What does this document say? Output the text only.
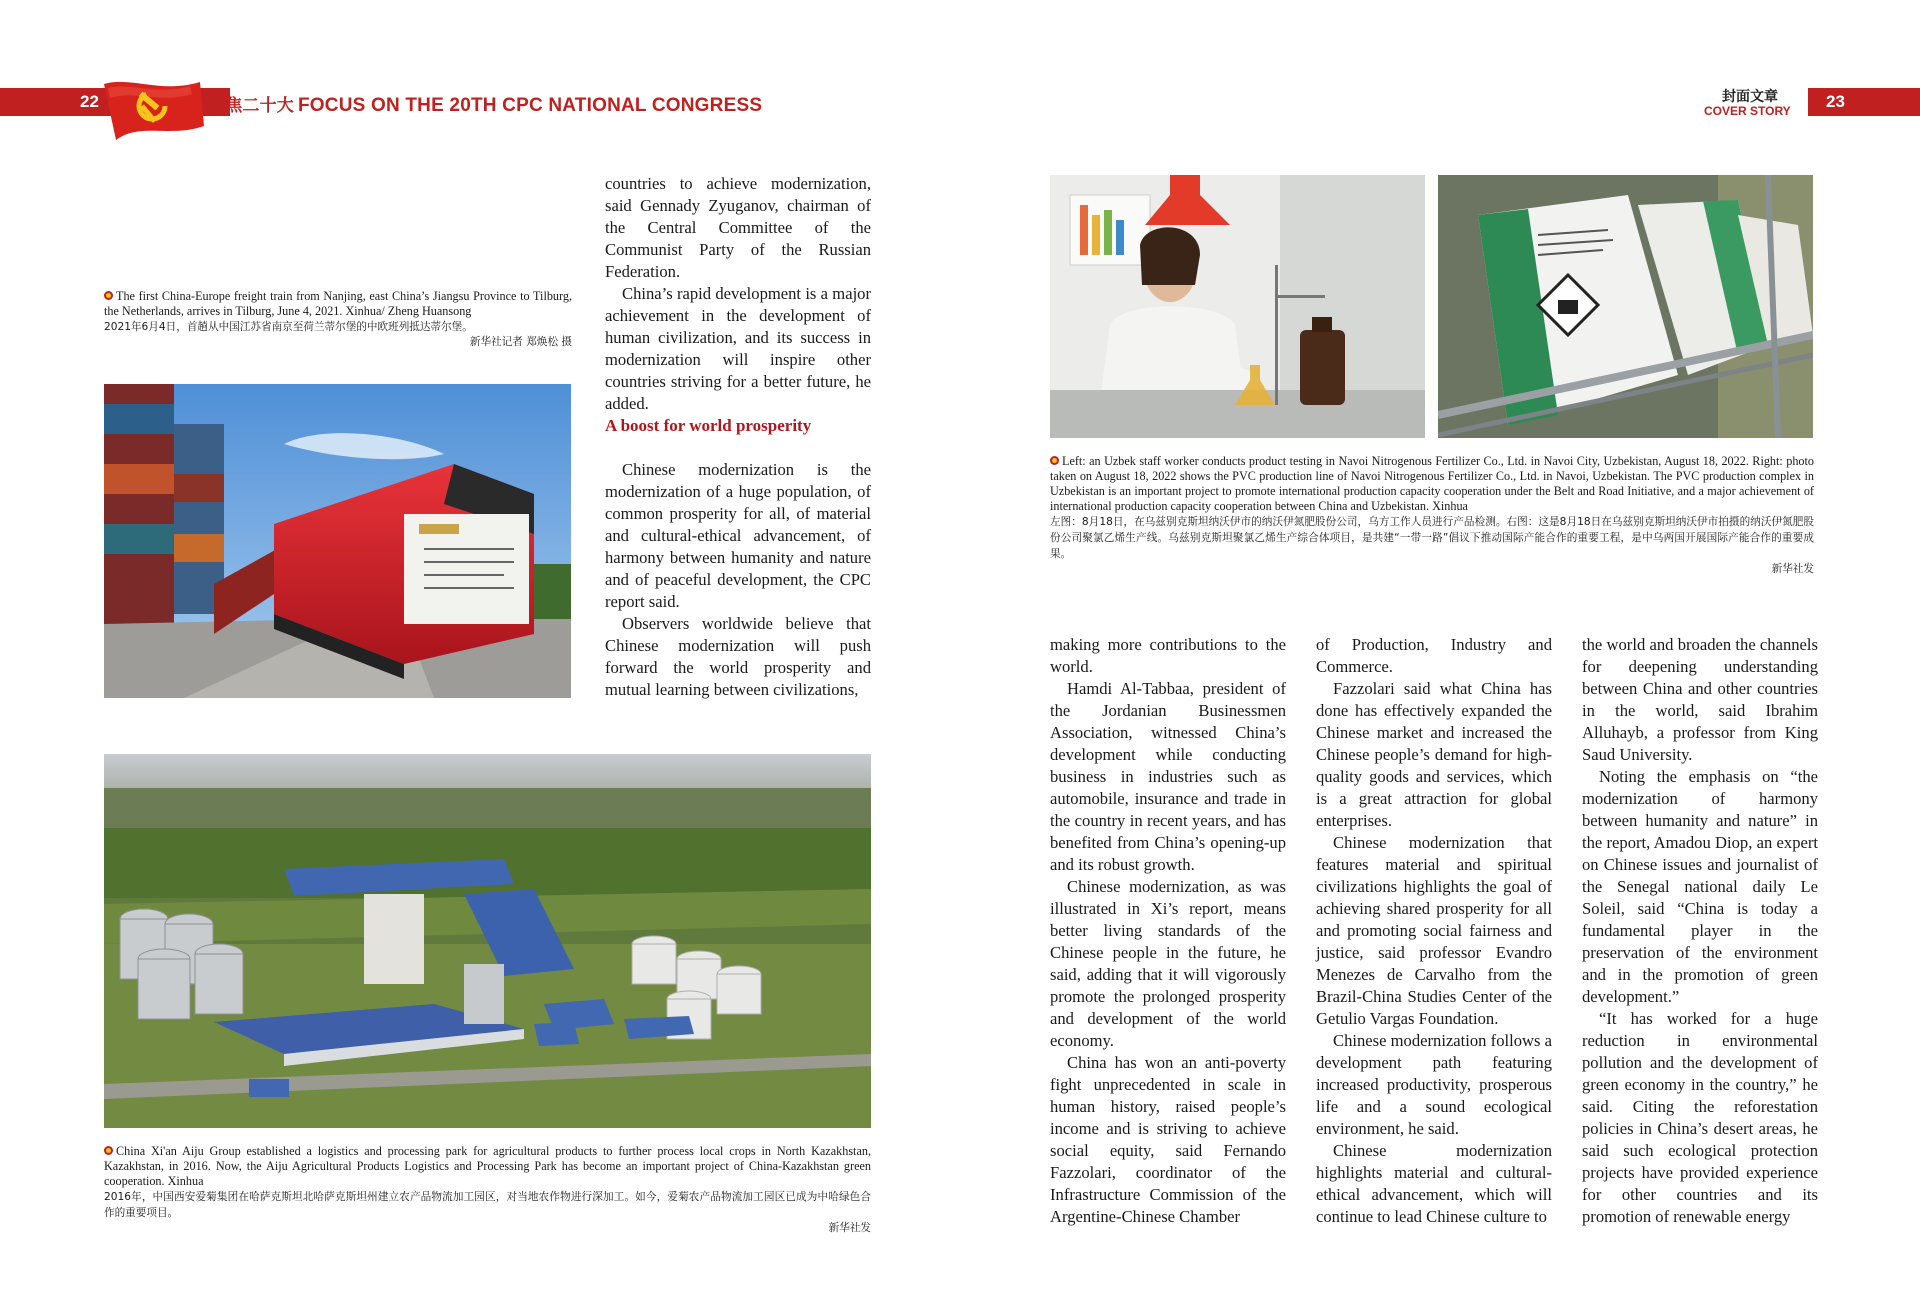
22	聚焦二十大 FOCUS ON THE 20TH CPC NATIONAL CONGRESS	封面文章
COVER STORY 23
The first China-Europe freight train from Nanjing, east China’s Jiangsu Province to Tilburg, the Netherlands, arrives in Tilburg, June 4, 2021. Xinhua/ Zheng Huansong
2021年6月4日，首趟从中国江苏省南京至荷兰蒂尔堡的中欧班列抵达蒂尔堡。
新华社记者 郑焕松 摄

countries to achieve modernization, said Gennady Zyuganov, chairman of the Central Committee of the Communist Party of the Russian Federation.

China’s rapid development is a major achievement in the development of human civilization, and its success in modernization will inspire other countries striving for a better future, he added.

A boost for world prosperity

Chinese modernization is the modernization of a huge population, of common prosperity for all, of material and cultural-ethical advancement, of harmony between humanity and nature and of peaceful development, the CPC report said.

Observers worldwide believe that Chinese modernization will push forward the world prosperity and mutual learning between civilizations,

China Xi'an Aiju Group established a logistics and processing park for agricultural products to further process local crops in North Kazakhstan, Kazakhstan, in 2016. Now, the Aiju Agricultural Products Logistics and Processing Park has become an important project of China-Kazakhstan green cooperation. Xinhua
2016年，中国西安爱菊集团在哈萨克斯坦北哈萨克斯坦州建立农产品物流加工园区，对当地农作物进行深加工。如今，爱菊农产品物流加工园区已成为中哈绿色合作的重要项目。
新华社发
Left: an Uzbek staff worker conducts product testing in Navoi Nitrogenous Fertilizer Co., Ltd. in Navoi City, Uzbekistan, August 18, 2022. Right: photo taken on August 18, 2022 shows the PVC production line of Navoi Nitrogenous Fertilizer Co., Ltd. in Navoi, Uzbekistan. The PVC production complex in Uzbekistan is an important project to promote international production capacity cooperation under the Belt and Road Initiative, and a major achievement of international production capacity cooperation between China and Uzbekistan. Xinhua
左图：8月18日，在乌兹别克斯坦纳沃伊市的纳沃伊氮肥股份公司，乌方工作人员进行产品检测。右图：这是8月18日在乌兹别克斯坦纳沃伊市拍摄的纳沃伊氮肥股份公司聚氯乙烯生产线。乌兹别克斯坦聚氯乙烯生产综合体项目，是共建“一带一路”倡议下推动国际产能合作的重要工程，是中乌两国开展国际产能合作的重要成果。
新华社发

making more contributions to the world.

Hamdi Al-Tabbaa, president of the Jordanian Businessmen Association, witnessed China’s development while conducting business in industries such as automobile, insurance and trade in the country in recent years, and has benefited from China’s opening-up and its robust growth.

Chinese modernization, as was illustrated in Xi’s report, means better living standards of the Chinese people in the future, he said, adding that it will vigorously promote the prolonged prosperity and development of the world economy.

China has won an anti-poverty fight unprecedented in scale in human history, raised people’s income and is striving to achieve social equity, said Fernando Fazzolari, coordinator of the Infrastructure Commission of the Argentine-Chinese Chamber

of Production, Industry and Commerce.

Fazzolari said what China has done has effectively expanded the Chinese market and increased the Chinese people’s demand for high-quality goods and services, which is a great attraction for global enterprises.

Chinese modernization that features material and spiritual civilizations highlights the goal of achieving shared prosperity for all and promoting social fairness and justice, said professor Evandro Menezes de Carvalho from the Brazil-China Studies Center of the Getulio Vargas Foundation.

Chinese modernization follows a development path featuring increased productivity, prosperous life and a sound ecological environment, he said.

Chinese modernization highlights material and cultural-ethical advancement, which will continue to lead Chinese culture to

the world and broaden the channels for deepening understanding between China and other countries in the world, said Ibrahim Alluhayb, a professor from King Saud University.

Noting the emphasis on “the modernization of harmony between humanity and nature” in the report, Amadou Diop, an expert on Chinese issues and journalist of the Senegal national daily Le Soleil, said “China is today a fundamental player in the preservation of the environment and in the promotion of green development.”

“It has worked for a huge reduction in environmental pollution and the development of green economy in the country,” he said. Citing the reforestation policies in China’s desert areas, he said such ecological protection projects have provided experience for other countries and its promotion of renewable energy
